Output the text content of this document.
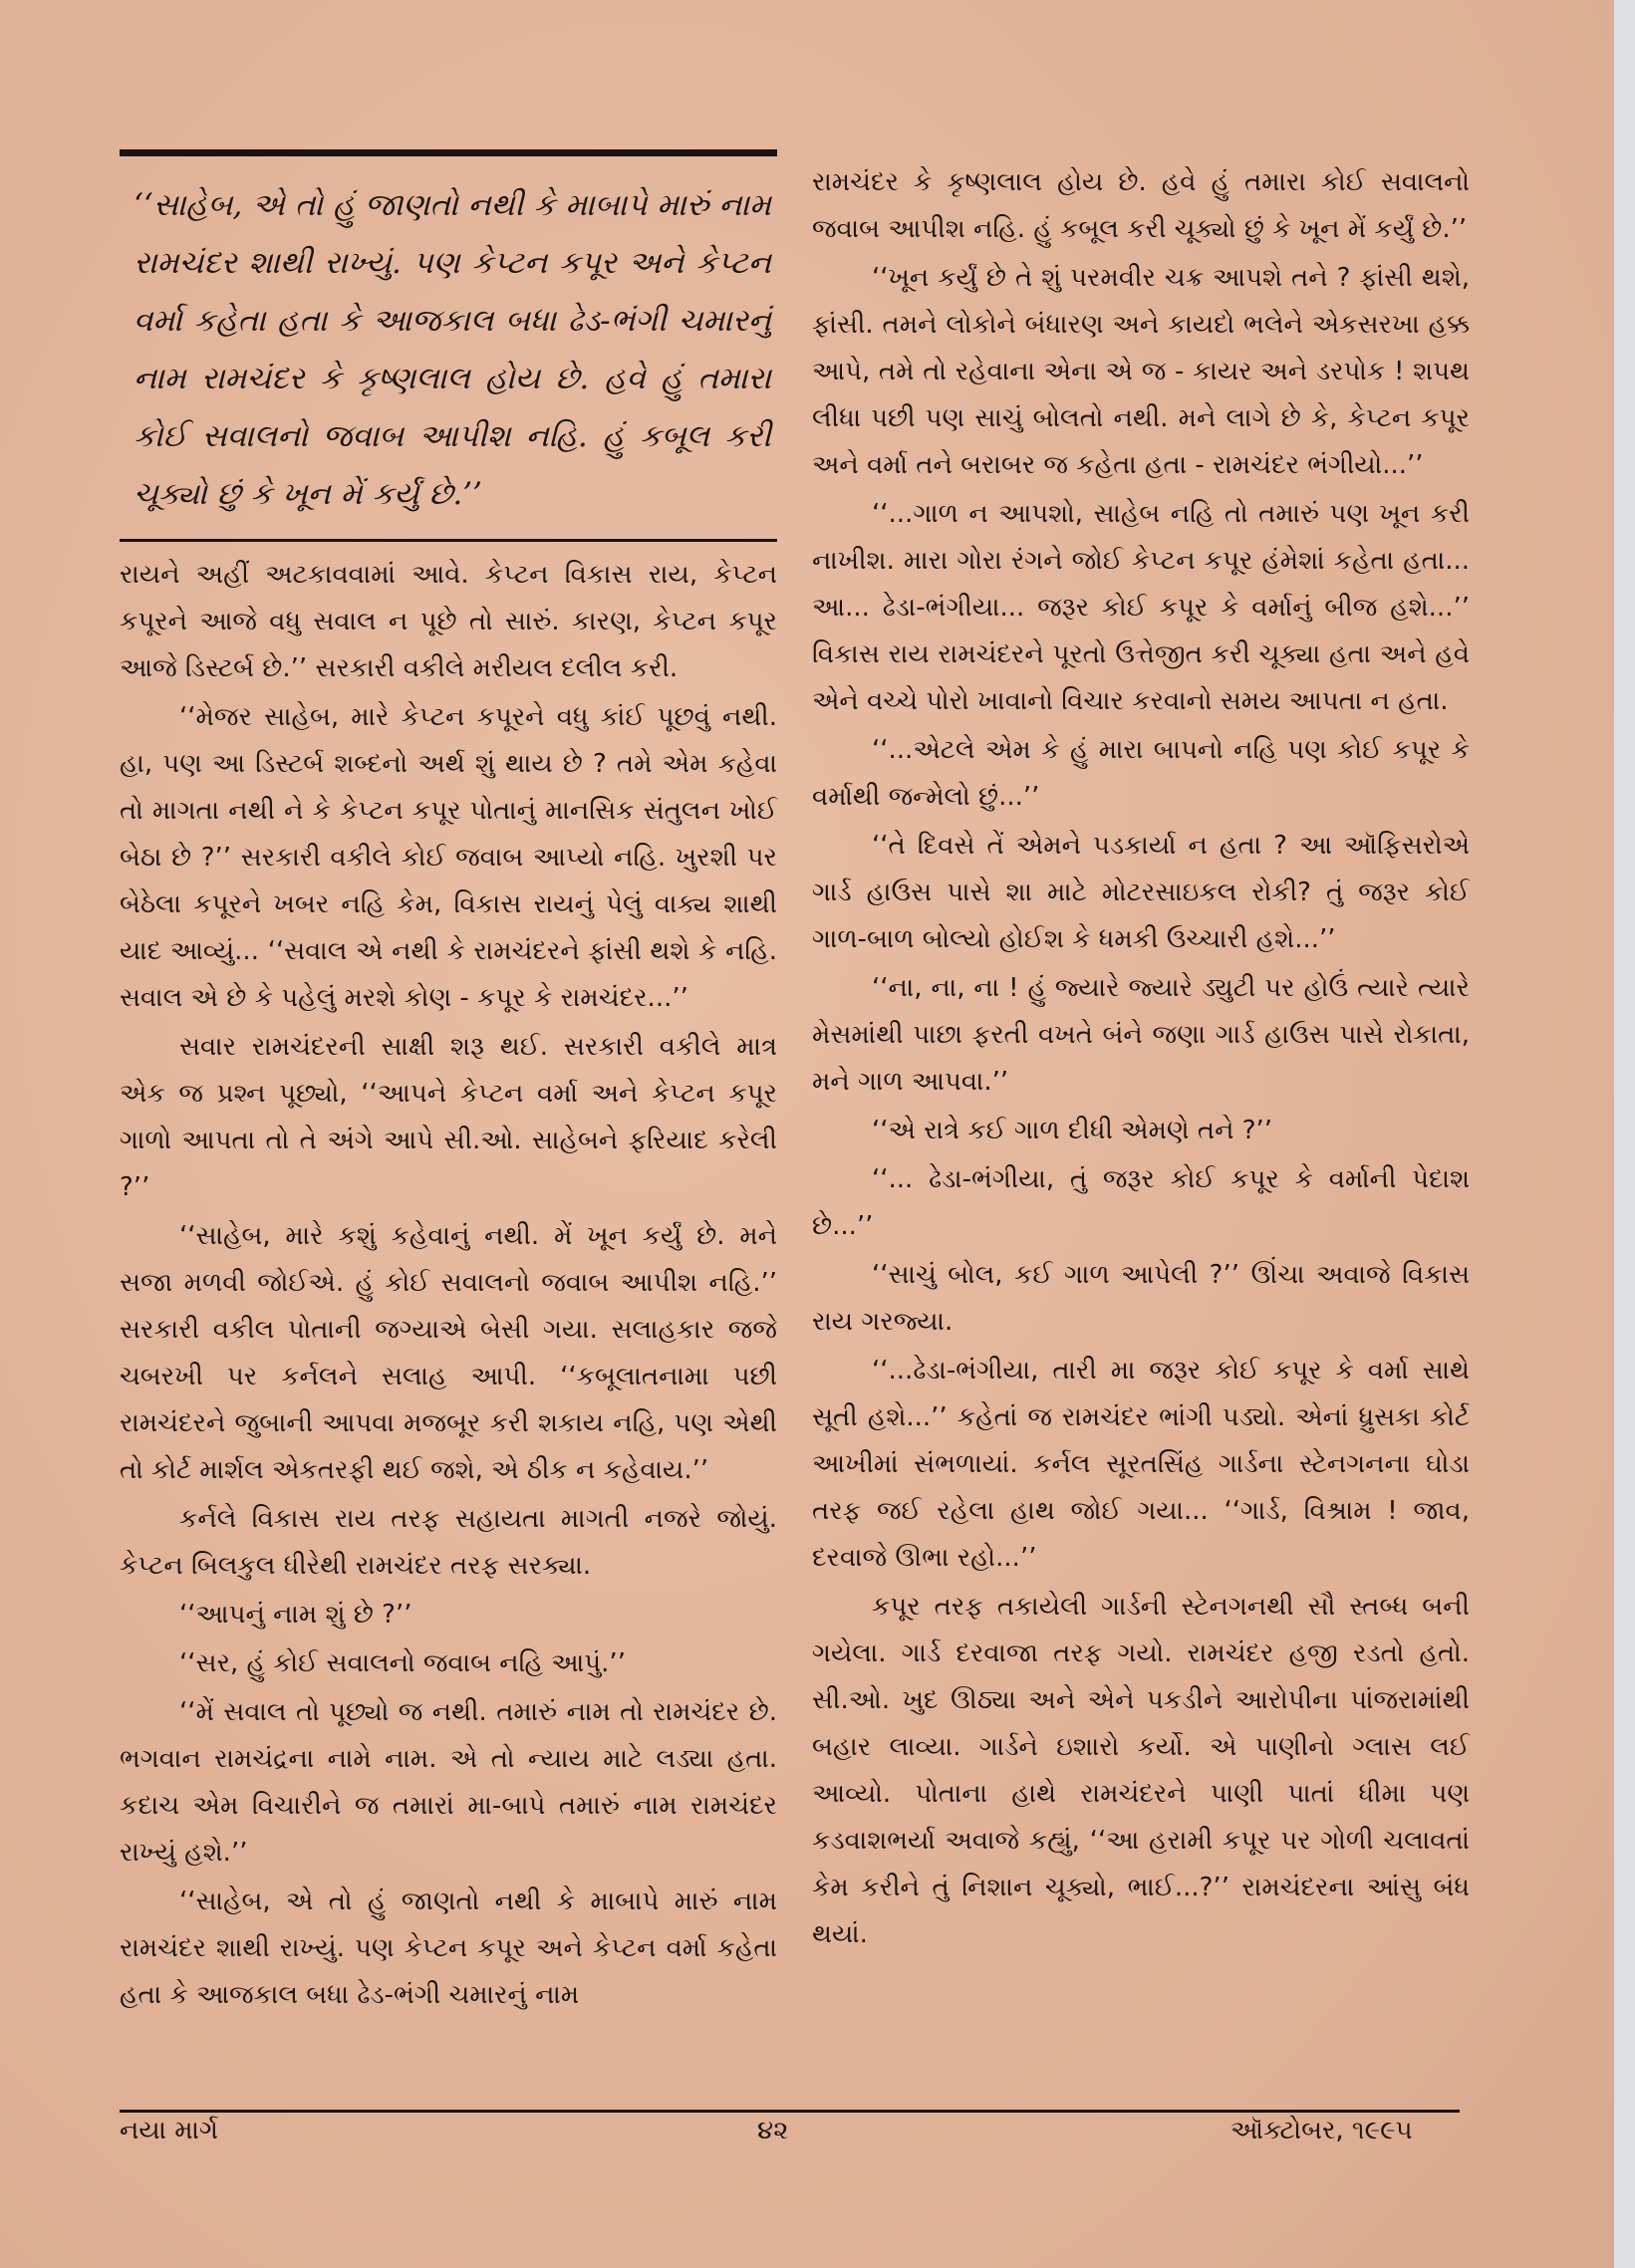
‘‘સાહેબ, એ તો હું જાણતો નથી કે માબાપે મારું નામ રામચંદર શાથી રાખ્યું. પણ કેપ્ટન કપૂર અને કેપ્ટન વર્મા કહેતા હતા કે આજકાલ બધા ઢેડ-ભંગી ચમારનું નામ રામચંદર કે કૃષ્ણલાલ હોય છે. હવે હું તમારા કોઈ સવાલનો જવાબ આપીશ નહિ. હું કબૂલ કરી ચૂક્યો છું કે ખૂન મેં કર્યું છે.’’

રાયને અહીં અટકાવવામાં આવે. કેપ્ટન વિકાસ રાય, કેપ્ટન કપૂરને આજે વધુ સવાલ ન પૂછે તો સારું. કારણ, કેપ્ટન કપૂર આજે ડિસ્ટર્બ છે.’’ સરકારી વકીલે મરીયલ દલીલ કરી.

‘‘મેજર સાહેબ, મારે કેપ્ટન કપૂરને વધુ કાંઈ પૂછવું નથી. હા, પણ આ ડિસ્ટર્બ શબ્દનો અર્થ શું થાય છે ? તમે એમ કહેવા તો માગતા નથી ને કે કેપ્ટન કપૂર પોતાનું માનસિક સંતુલન ખોઈ બેઠા છે ?’’ સરકારી વકીલે કોઈ જવાબ આપ્યો નહિ. ખુરશી પર બેઠેલા કપૂરને ખબર નહિ કેમ, વિકાસ રાયનું પેલું વાક્ય શાથી યાદ આવ્યું... ‘‘સવાલ એ નથી કે રામચંદરને ફાંસી થશે કે નહિ. સવાલ એ છે કે પહેલું મરશે કોણ - કપૂર કે રામચંદર...’’

સવાર રામચંદરની સાક્ષી શરૂ થઈ. સરકારી વકીલે માત્ર એક જ પ્રશ્ન પૂછ્યો, ‘‘આપને કેપ્ટન વર્મા અને કેપ્ટન કપૂર ગાળો આપતા તો તે અંગે આપે સી.ઓ. સાહેબને ફરિયાદ કરેલી ?’’

‘‘સાહેબ, મારે કશું કહેવાનું નથી. મેં ખૂન કર્યું છે. મને સજા મળવી જોઈએ. હું કોઈ સવાલનો જવાબ આપીશ નહિ.’’ સરકારી વકીલ પોતાની જગ્યાએ બેસી ગયા. સલાહકાર જજે ચબરખી પર કર્નલને સલાહ આપી. ‘‘કબૂલાતનામા પછી રામચંદરને જુબાની આપવા મજબૂર કરી શકાય નહિ, પણ એથી તો કોર્ટ માર્શલ એકતરફી થઈ જશે, એ ઠીક ન કહેવાય.’’

કર્નલે વિકાસ રાય તરફ સહાયતા માગતી નજરે જોયું. કેપ્ટન બિલકુલ ધીરેથી રામચંદર તરફ સરક્યા.

‘‘આપનું નામ શું છે ?’’

‘‘સર, હું કોઈ સવાલનો જવાબ નહિ આપું.’’

‘‘મેં સવાલ તો પૂછ્યો જ નથી. તમારું નામ તો રામચંદર છે. ભગવાન રામચંદ્રના નામે નામ. એ તો ન્યાય માટે લડ્યા હતા. કદાચ એમ વિચારીને જ તમારાં મા-બાપે તમારું નામ રામચંદર રાખ્યું હશે.’’

‘‘સાહેબ, એ તો હું જાણતો નથી કે માબાપે મારું નામ રામચંદર શાથી રાખ્યું. પણ કેપ્ટન કપૂર અને કેપ્ટન વર્મા કહેતા હતા કે આજકાલ બધા ઢેડ-ભંગી ચમારનું નામ

રામચંદર કે કૃષ્ણલાલ હોય છે. હવે હું તમારા કોઈ સવાલનો જવાબ આપીશ નહિ. હું કબૂલ કરી ચૂક્યો છું કે ખૂન મેં કર્યું છે.’’

‘‘ખૂન કર્યું છે તે શું પરમવીર ચક્ર આપશે તને ? ફાંસી થશે, ફાંસી. તમને લોકોને બંધારણ અને કાયદો ભલેને એકસરખા હક્ક આપે, તમે તો રહેવાના એના એ જ - કાયર અને ડરપોક ! શપથ લીધા પછી પણ સાચું બોલતો નથી. મને લાગે છે કે, કેપ્ટન કપૂર અને વર્મા તને બરાબર જ કહેતા હતા - રામચંદર ભંગીયો...’’

‘‘...ગાળ ન આપશો, સાહેબ નહિ તો તમારું પણ ખૂન કરી નાખીશ. મારા ગોરા રંગને જોઈ કેપ્ટન કપૂર હંમેશાં કહેતા હતા... આ... ઢેડા-ભંગીયા... જરૂર કોઈ કપૂર કે વર્માનું બીજ હશે...’’ વિકાસ રાય રામચંદરને પૂરતો ઉત્તેજીત કરી ચૂક્યા હતા અને હવે એને વચ્ચે પોરો ખાવાનો વિચાર કરવાનો સમય આપતા ન હતા.

‘‘...એટલે એમ કે હું મારા બાપનો નહિ પણ કોઈ કપૂર કે વર્માથી જન્મેલો છું...’’

‘‘તે દિવસે તેં એમને પડકાર્યા ન હતા ? આ ઑફિસરોએ ગાર્ડ હાઉસ પાસે શા માટે મોટરસાઇકલ રોકી? તું જરૂર કોઈ ગાળ-બાળ બોલ્યો હોઈશ કે ધમકી ઉચ્ચારી હશે...’’

‘‘ના, ના, ના ! હું જ્યારે જ્યારે ડ્યુટી પર હોઉં ત્યારે ત્યારે મેસમાંથી પાછા ફરતી વખતે બંને જણા ગાર્ડ હાઉસ પાસે રોકાતા, મને ગાળ આપવા.’’

‘‘એ રાત્રે કઈ ગાળ દીધી એમણે તને ?’’

‘‘... ઢેડા-ભંગીયા, તું જરૂર કોઈ કપૂર કે વર્માની પેદાશ છે...’’

‘‘સાચું બોલ, કઈ ગાળ આપેલી ?’’ ઊંચા અવાજે વિકાસ રાય ગરજ્યા.

‘‘...ઢેડા-ભંગીયા, તારી મા જરૂર કોઈ કપૂર કે વર્મા સાથે સૂતી હશે...’’ કહેતાં જ રામચંદર ભાંગી પડ્યો. એનાં ધ્રુસકા કોર્ટ આખીમાં સંભળાયાં. કર્નલ સૂરતસિંહ ગાર્ડના સ્ટેનગનના ઘોડા તરફ જઈ રહેલા હાથ જોઈ ગયા... ‘‘ગાર્ડ, વિશ્રામ ! જાવ, દરવાજે ઊભા રહો...’’

કપૂર તરફ તકાયેલી ગાર્ડની સ્ટેનગનથી સૌ સ્તબ્ધ બની ગયેલા. ગાર્ડ દરવાજા તરફ ગયો. રામચંદર હજી રડતો હતો. સી.ઓ. ખુદ ઊઠ્યા અને એને પકડીને આરોપીના પાંજરામાંથી બહાર લાવ્યા. ગાર્ડને ઇશારો કર્યો. એ પાણીનો ગ્લાસ લઈ આવ્યો. પોતાના હાથે રામચંદરને પાણી પાતાં ધીમા પણ કડવાશભર્યા અવાજે કહ્યું, ‘‘આ હરામી કપૂર પર ગોળી ચલાવતાં કેમ કરીને તું નિશાન ચૂક્યો, ભાઈ...?’’ રામચંદરના આંસુ બંધ થયાં.

નયા માર્ગ	૪૨	ઑક્ટોબર, ૧૯૯૫
